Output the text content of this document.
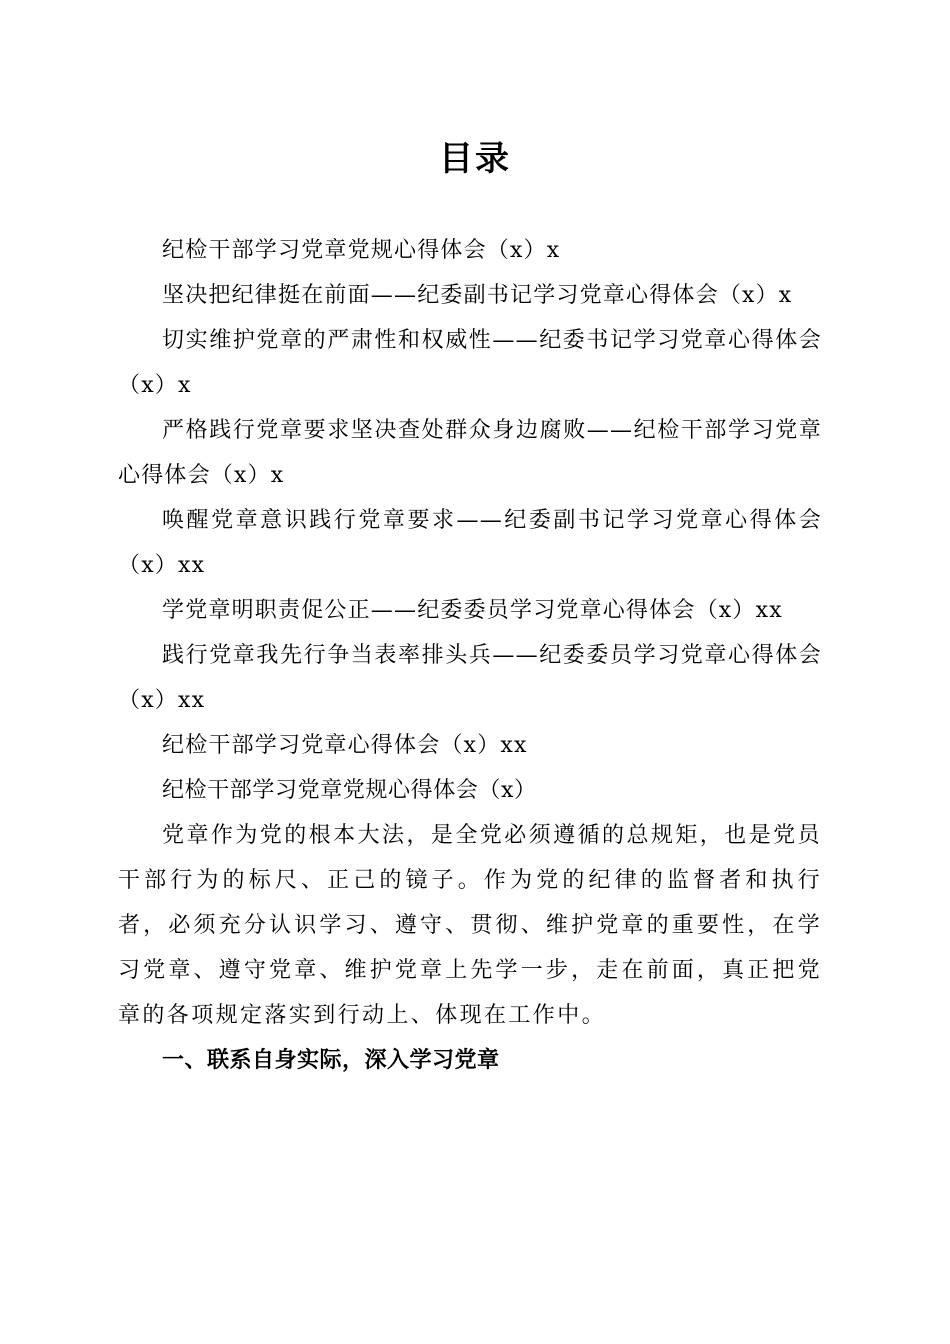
目录

纪检干部学习党章党规心得体会（x）x

坚决把纪律挺在前面——纪委副书记学习党章心得体会（x）x

切实维护党章的严肃性和权威性——纪委书记学习党章心得体会（x）x

严格践行党章要求坚决查处群众身边腐败——纪检干部学习党章心得体会（x）x

唤醒党章意识践行党章要求——纪委副书记学习党章心得体会（x）xx

学党章明职责促公正——纪委委员学习党章心得体会（x）xx

践行党章我先行争当表率排头兵——纪委委员学习党章心得体会（x）xx

纪检干部学习党章心得体会（x）xx

纪检干部学习党章党规心得体会（x）

党章作为党的根本大法，是全党必须遵循的总规矩，也是党员干部行为的标尺、正己的镜子。作为党的纪律的监督者和执行者，必须充分认识学习、遵守、贯彻、维护党章的重要性，在学习党章、遵守党章、维护党章上先学一步，走在前面，真正把党章的各项规定落实到行动上、体现在工作中。

一、联系自身实际，深入学习党章
